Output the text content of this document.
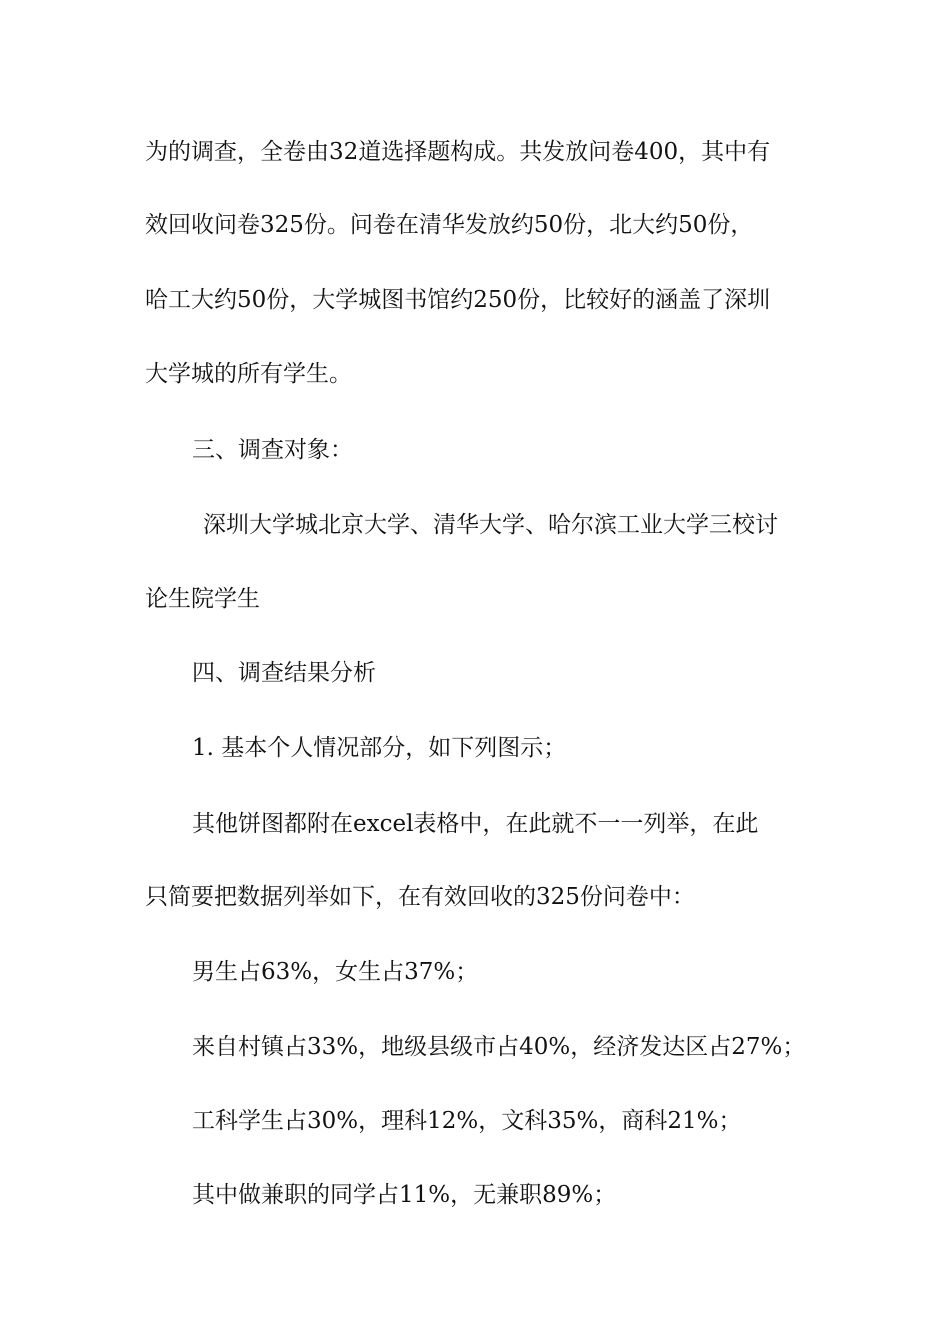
为的调查，全卷由32道选择题构成。共发放问卷400，其中有
效回收问卷325份。问卷在清华发放约50份，北大约50份，
哈工大约50份，大学城图书馆约250份，比较好的涵盖了深圳
大学城的所有学生。
三、调查对象：
深圳大学城北京大学、清华大学、哈尔滨工业大学三校讨
论生院学生
四、调查结果分析
1. 基本个人情况部分，如下列图示；
其他饼图都附在excel表格中，在此就不一一列举，在此
只简要把数据列举如下，在有效回收的325份问卷中：
男生占63%，女生占37%；
来自村镇占33%，地级县级市占40%，经济发达区占27%；
工科学生占30%，理科12%，文科35%，商科21%；
其中做兼职的同学占11%，无兼职89%；
